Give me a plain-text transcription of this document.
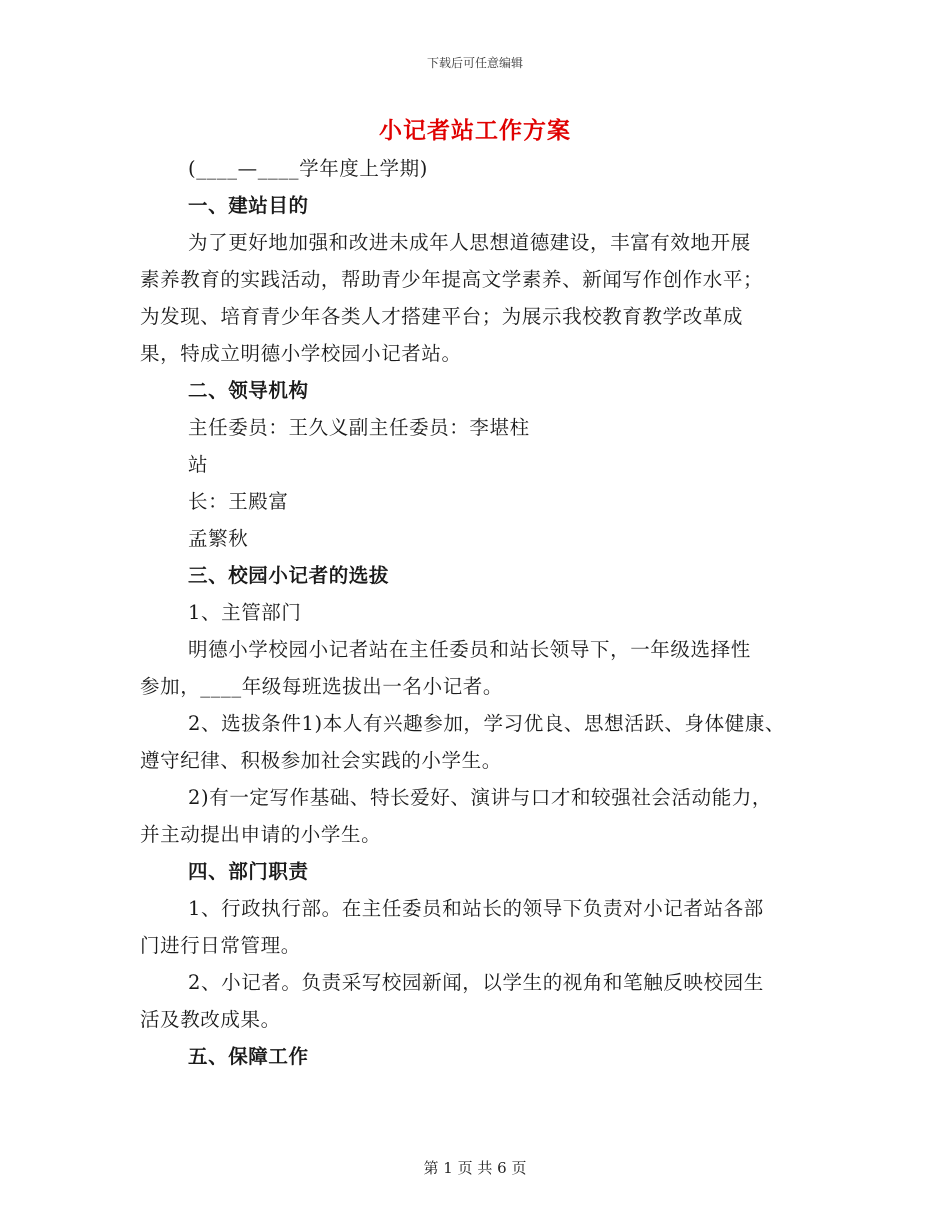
下载后可任意编辑
小记者站工作方案
(____—____学年度上学期)
一、建站目的
为了更好地加强和改进未成年人思想道德建设，丰富有效地开展
素养教育的实践活动，帮助青少年提高文学素养、新闻写作创作水平；
为发现、培育青少年各类人才搭建平台；为展示我校教育教学改革成
果，特成立明德小学校园小记者站。
二、领导机构
主任委员：王久义副主任委员：李堪柱
站
长：王殿富
孟繁秋
三、校园小记者的选拔
1、主管部门
明德小学校园小记者站在主任委员和站长领导下，一年级选择性
参加，____年级每班选拔出一名小记者。
2、选拔条件1)本人有兴趣参加，学习优良、思想活跃、身体健康、
遵守纪律、积极参加社会实践的小学生。
2)有一定写作基础、特长爱好、演讲与口才和较强社会活动能力，
并主动提出申请的小学生。
四、部门职责
1、行政执行部。在主任委员和站长的领导下负责对小记者站各部
门进行日常管理。
2、小记者。负责采写校园新闻，以学生的视角和笔触反映校园生
活及教改成果。
五、保障工作
第 1 页 共 6 页
